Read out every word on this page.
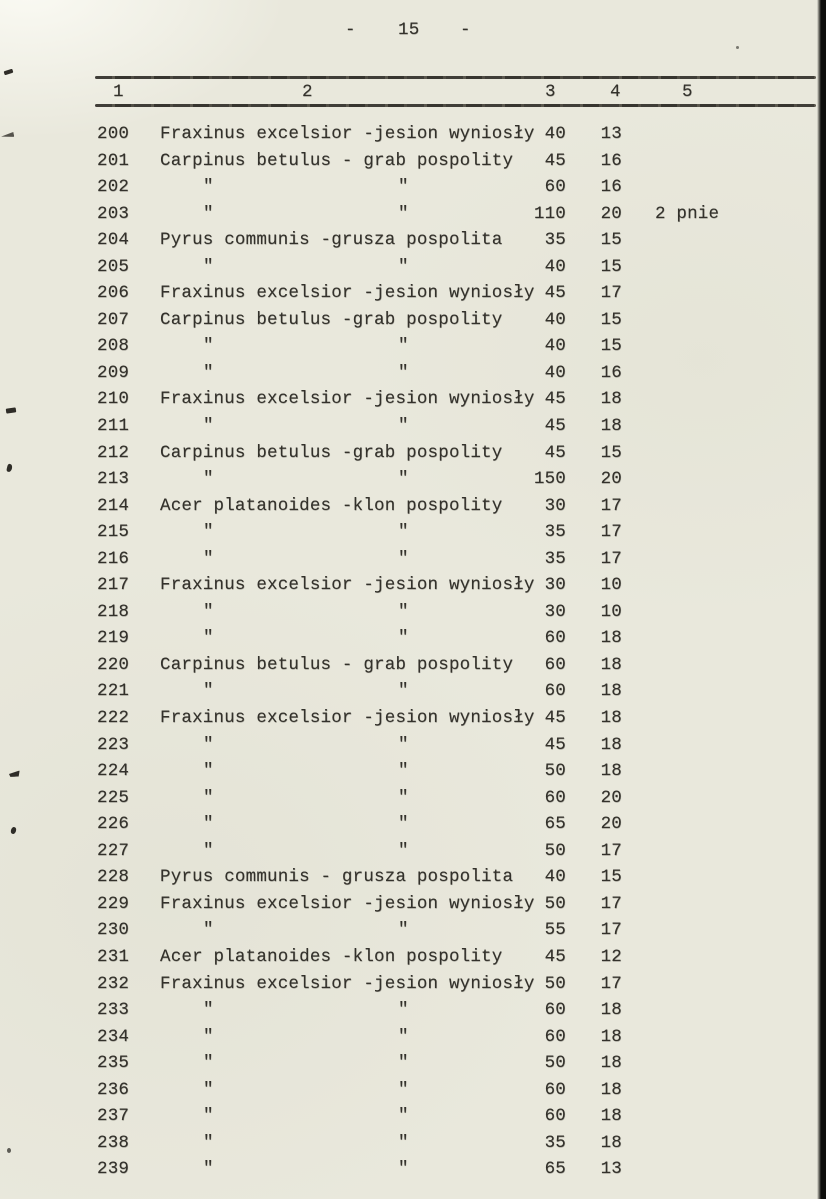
-

15

-

1	2	3	4	5
200 Fraxinus excelsior -jesion wyniosły 40	13
201 Carpinus betulus - grab pospolity	45	16
202	"	"	60	16
203	"	"	110	20 2 pnie
204 Pyrus communis -grusza pospolita	35	15
205	"	"	40	15
206 Fraxinus excelsior -jesion wyniosły 45	17
207 Carpinus betulus -grab pospolity	40	15
208	"	"	40	15
209	"	"	40	16
210 Fraxinus excelsior -jesion wyniosły 45	18
211	"	"	45	18
212 Carpinus betulus -grab pospolity	45	15
213	"	"	150	20
214 Acer platanoides -klon pospolity	30	17
215	"	"	35	17
216	"	"	35	17
217 Fraxinus excelsior -jesion wyniosły 30	10
218	"	"	30	10
219	"	"	60	18
220 Carpinus betulus - grab pospolity	60	18
221	"	"	60	18
222 Fraxinus excelsior -jesion wyniosły 45	18
223	"	"	45	18
224	"	"	50	18
225	"	"	60	20
226	"	"	65	20
227	"	"	50	17
228 Pyrus communis - grusza pospolita	40	15
229 Fraxinus excelsior -jesion wyniosły 50	17
230	"	"	55	17
231 Acer platanoides -klon pospolity	45	12
232 Fraxinus excelsior -jesion wyniosły 50	17
233	"	"	60	18
234	"	"	60	18
235	"	"	50	18
236	"	"	60	18
237	"	"	60	18
238	"	"	35	18
239	"	"	65	13
